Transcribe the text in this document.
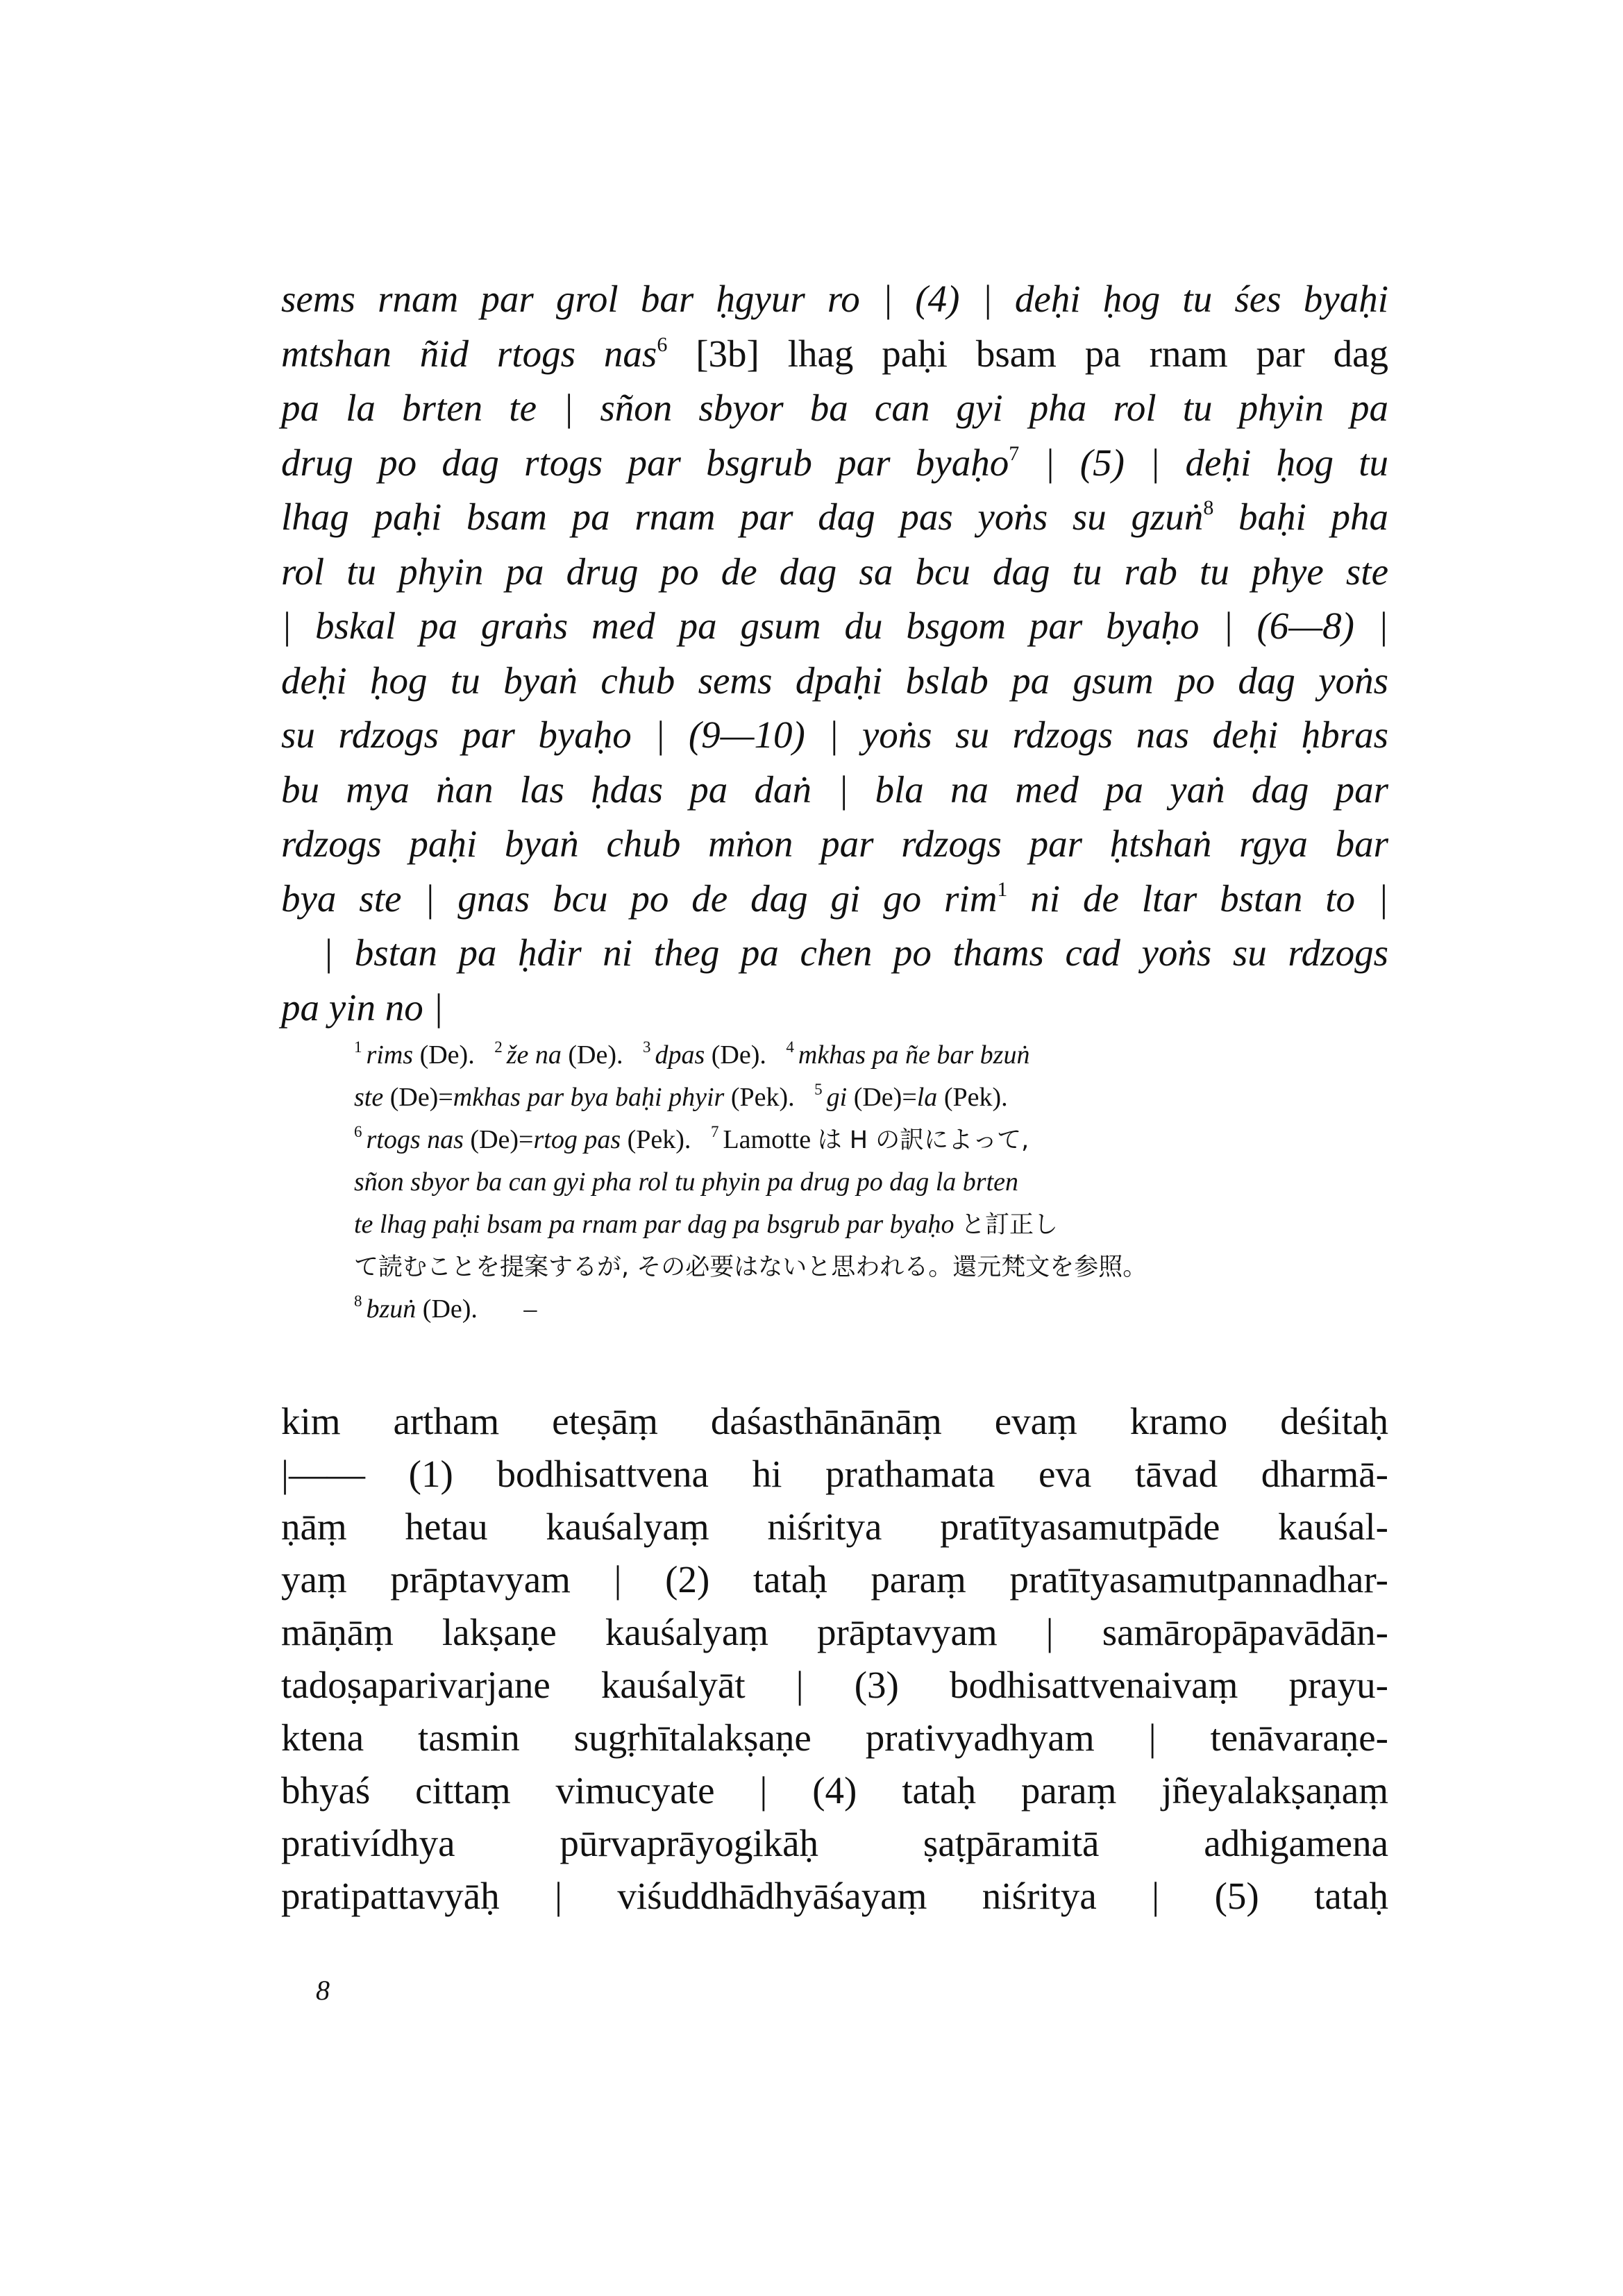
sems rnam par grol bar ḥgyur ro | (4) | deḥi ḥog tu śes byaḥi
mtshan ñid rtogs nas$^6$ [3b] lhag paḥi bsam pa rnam par dag
pa la brten te | sñon sbyor ba can gyi pha rol tu phyin pa
drug po dag rtogs par bsgrub par byaḥo$^7$ | (5) | deḥi ḥog tu
lhag paḥi bsam pa rnam par dag pas yoṅs su gzuṅ$^8$ baḥi pha
rol tu phyin pa drug po de dag sa bcu dag tu rab tu phye ste
| bskal pa graṅs med pa gsum du bsgom par byaḥo | (6—8) |
deḥi ḥog tu byaṅ chub sems dpaḥi bslab pa gsum po dag yoṅs
su rdzogs par byaḥo | (9—10) | yoṅs su rdzogs nas deḥi ḥbras
bu mya ṅan las ḥdas pa daṅ | bla na med pa yaṅ dag par
rdzogs paḥi byaṅ chub mṅon par rdzogs par ḥtshaṅ rgya bar
bya ste | gnas bcu po de dag gi go rim$^1$ ni de ltar bstan to |
| bstan pa ḥdir ni theg pa chen po thams cad yoṅs su rdzogs
pa yin no |
$^1$ rims (De). $^2$ že na (De). $^3$ dpas (De). $^4$ mkhas pa ñe bar bzuṅ
ste (De)=mkhas par bya baḥi phyir (Pek). $^5$ gi (De)=la (Pek).
$^6$ rtogs nas (De)=rtog pas (Pek). $^7$ Lamotte は H の訳によって,
sñon sbyor ba can gyi pha rol tu phyin pa drug po dag la brten
te lhag paḥi bsam pa rnam par dag pa bsgrub par byaḥo と訂正し
て読むことを提案するが, その必要はないと思われる。還元梵文を参照。
$^8$ bzuṅ (De). –
kim artham eteṣāṃ daśasthānānāṃ evaṃ kramo deśitaḥ
|—— (1) bodhisattvena hi prathamata eva tāvad dharmā-
ṇāṃ hetau kauśalyaṃ niśritya pratītyasamutpāde kauśal-
yaṃ prāptavyam | (2) tataḥ paraṃ pratītyasamutpannadhar-
māṇāṃ lakṣaṇe kauśalyaṃ prāptavyam | samāropāpavādān-
tadoṣaparivarjane kauśalyāt | (3) bodhisattvenaivaṃ prayu-
ktena tasmin sugṛhītalakṣaṇe prativyadhyam | tenāvaraṇe-
bhyaś cittaṃ vimucyate | (4) tataḥ paraṃ jñeyalakṣaṇaṃ
prativídhya pūrvaprāyogikāḥ ṣaṭpāramitā adhigamena
pratipattavyāḥ | viśuddhādhyāśayaṃ niśritya | (5) tataḥ
8
